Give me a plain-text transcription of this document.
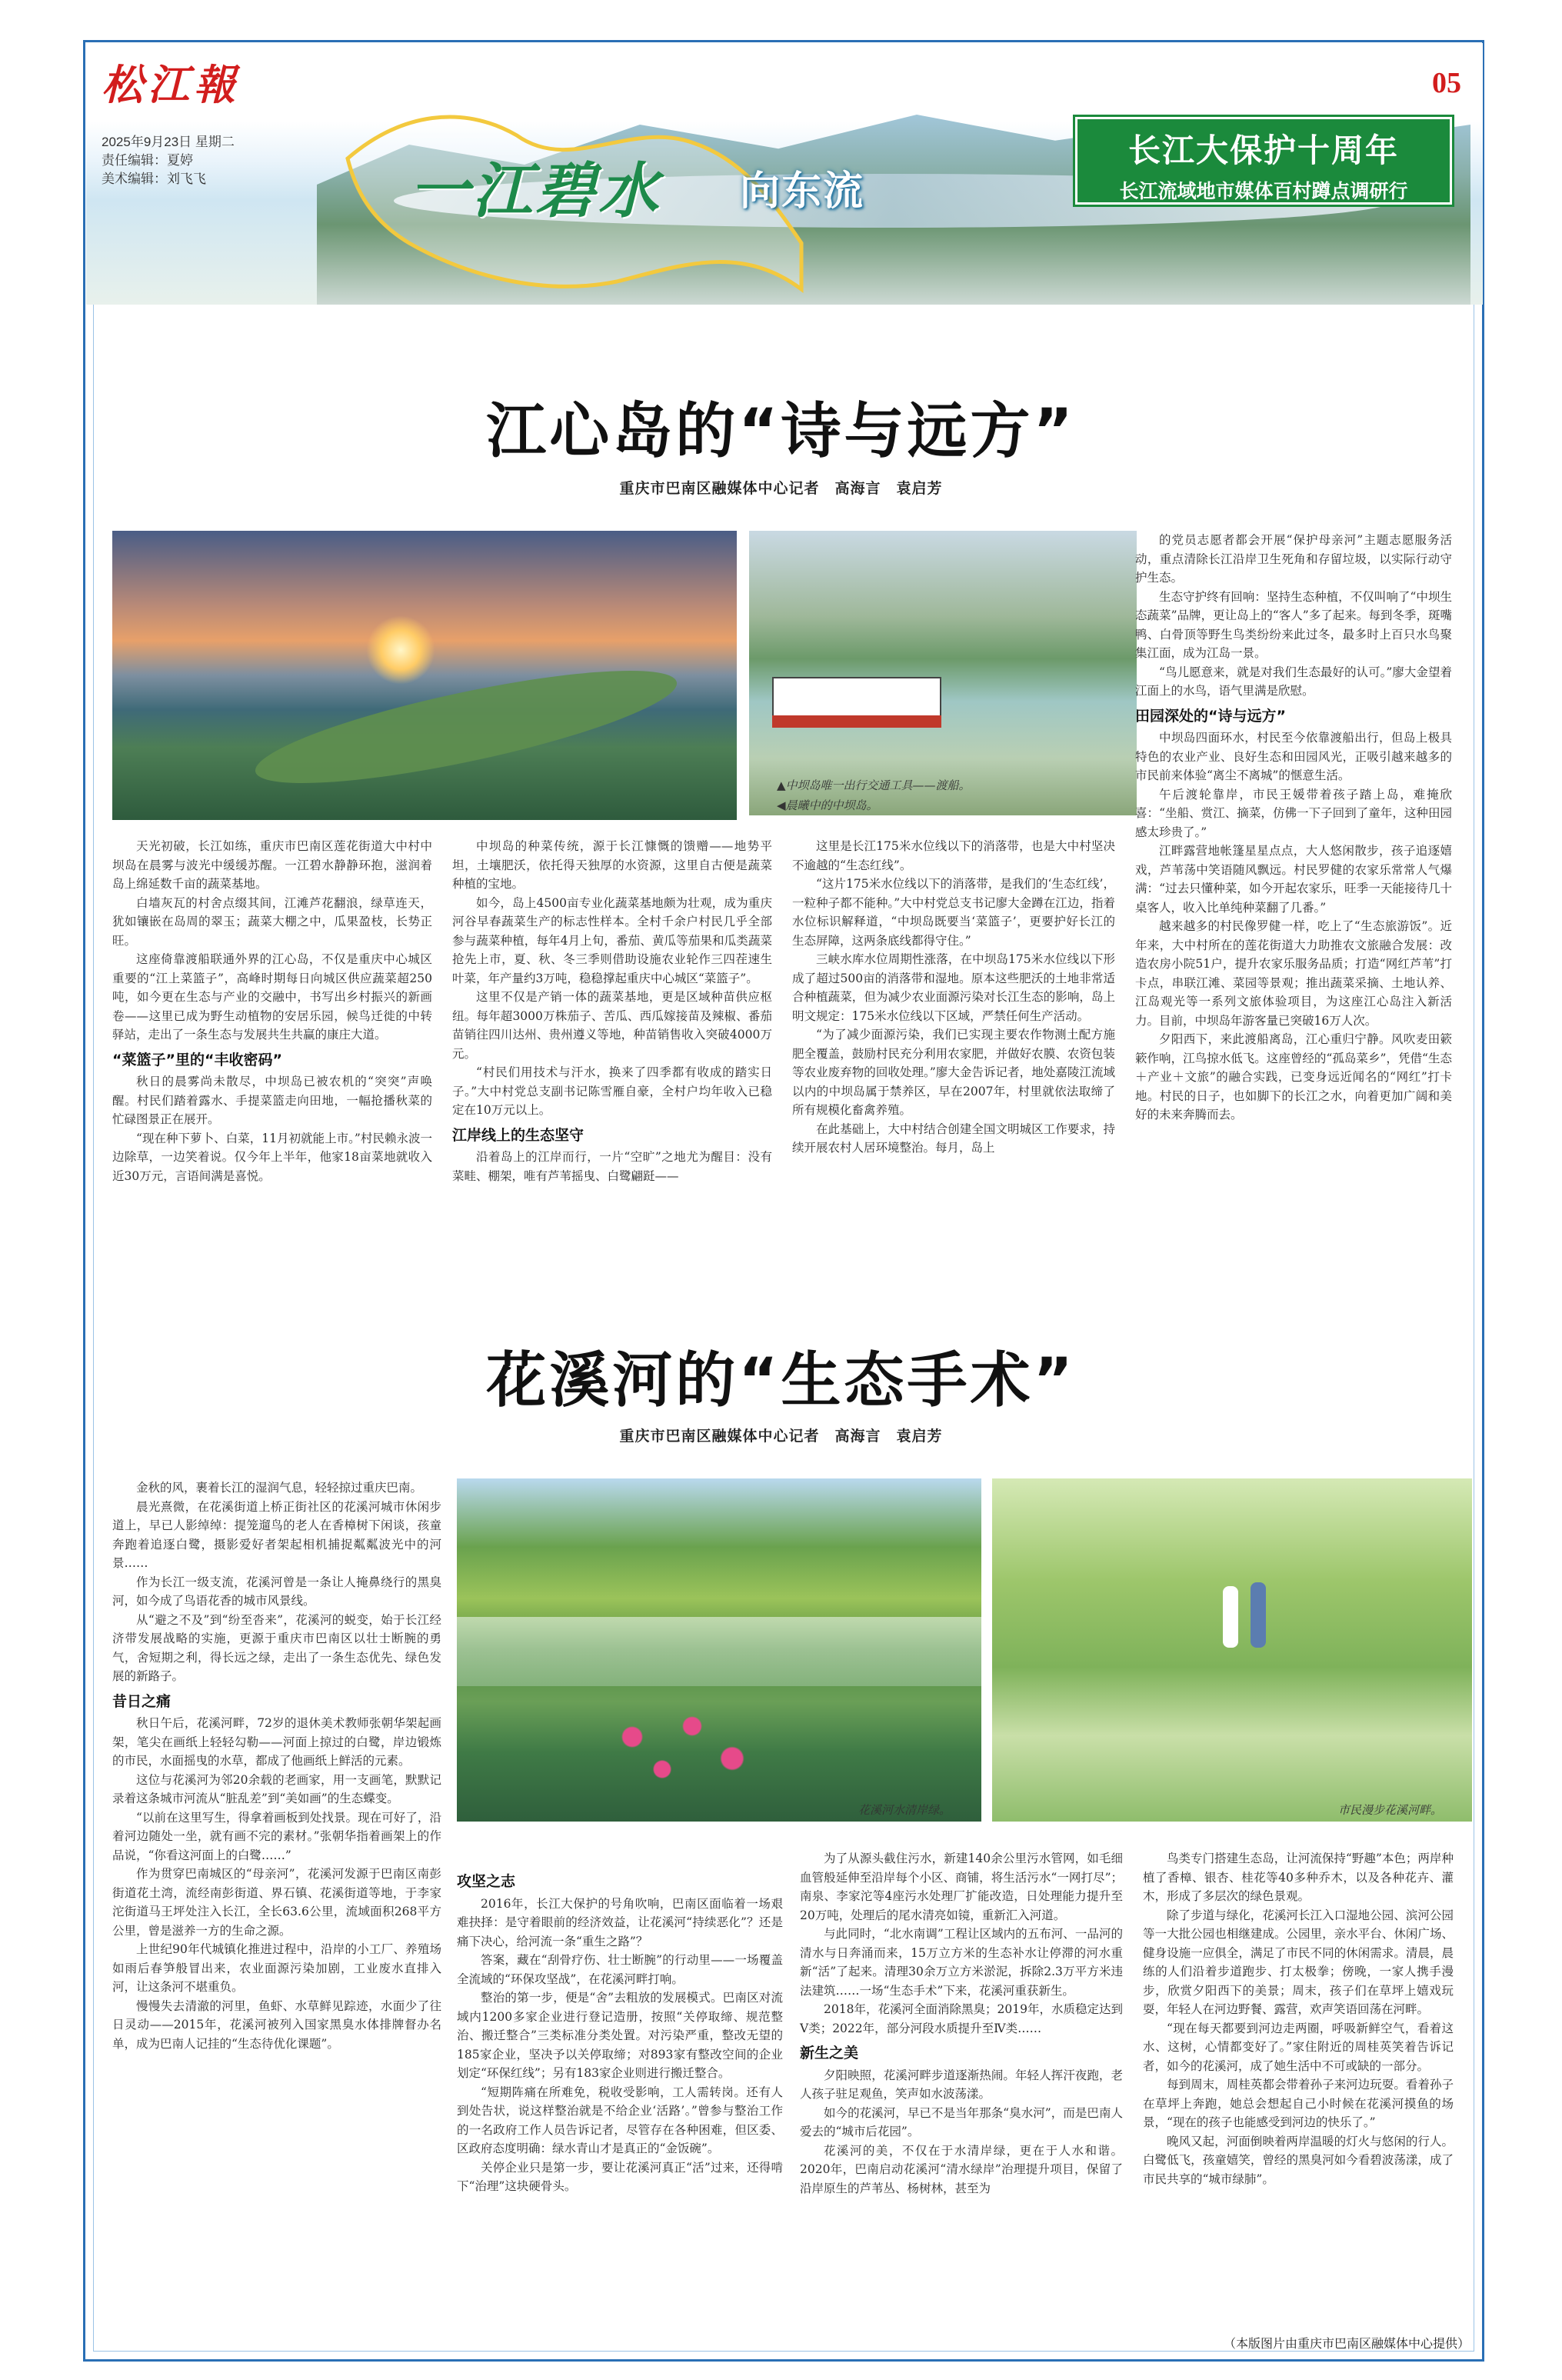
松江報
2025年9月23日 星期二
责任编辑：夏婷
美术编辑：刘飞飞	一江碧水 向东流
05
长江大保护十周年
长江流域地市媒体百村蹲点调研行
江心岛的“诗与远方”
重庆市巴南区融媒体中心记者　高海言　袁启芳
▲中坝岛唯一出行交通工具——渡船。
◀晨曦中的中坝岛。

天光初破，长江如练，重庆市巴南区莲花街道大中村中坝岛在晨雾与波光中缓缓苏醒。一江碧水静静环抱，滋润着岛上绵延数千亩的蔬菜基地。

白墙灰瓦的村舍点缀其间，江滩芦花翻浪，绿草连天，犹如镶嵌在岛周的翠玉；蔬菜大棚之中，瓜果盈枝，长势正旺。

这座倚靠渡船联通外界的江心岛，不仅是重庆中心城区重要的“江上菜篮子”，高峰时期每日向城区供应蔬菜超250吨，如今更在生态与产业的交融中，书写出乡村振兴的新画卷——这里已成为野生动植物的安居乐园，候鸟迁徙的中转驿站，走出了一条生态与发展共生共赢的康庄大道。

“菜篮子”里的“丰收密码”

秋日的晨雾尚未散尽，中坝岛已被农机的“突突”声唤醒。村民们踏着露水、手提菜篮走向田地，一幅抢播秋菜的忙碌图景正在展开。

“现在种下萝卜、白菜，11月初就能上市。”村民赖永波一边除草，一边笑着说。仅今年上半年，他家18亩菜地就收入近30万元，言语间满是喜悦。

中坝岛的种菜传统，源于长江慷慨的馈赠——地势平坦，土壤肥沃，依托得天独厚的水资源，这里自古便是蔬菜种植的宝地。

如今，岛上4500亩专业化蔬菜基地颇为壮观，成为重庆河谷早春蔬菜生产的标志性样本。全村千余户村民几乎全部参与蔬菜种植，每年4月上旬，番茄、黄瓜等茄果和瓜类蔬菜抢先上市，夏、秋、冬三季则借助设施农业轮作三四茬速生叶菜，年产量约3万吨，稳稳撑起重庆中心城区“菜篮子”。

这里不仅是产销一体的蔬菜基地，更是区域种苗供应枢纽。每年超3000万株茄子、苦瓜、西瓜嫁接苗及辣椒、番茄苗销往四川达州、贵州遵义等地，种苗销售收入突破4000万元。

“村民们用技术与汗水，换来了四季都有收成的踏实日子。”大中村党总支副书记陈雪雁自豪，全村户均年收入已稳定在10万元以上。

江岸线上的生态坚守

沿着岛上的江岸而行，一片“空旷”之地尤为醒目：没有菜畦、棚架，唯有芦苇摇曳、白鹭翩跹——

这里是长江175米水位线以下的消落带，也是大中村坚决不逾越的“生态红线”。

“这片175米水位线以下的消落带，是我们的‘生态红线’，一粒种子都不能种。”大中村党总支书记廖大金蹲在江边，指着水位标识解释道，“中坝岛既要当‘菜篮子’，更要护好长江的生态屏障，这两条底线都得守住。”

三峡水库水位周期性涨落，在中坝岛175米水位线以下形成了超过500亩的消落带和湿地。原本这些肥沃的土地非常适合种植蔬菜，但为减少农业面源污染对长江生态的影响，岛上明文规定：175米水位线以下区域，严禁任何生产活动。

“为了减少面源污染，我们已实现主要农作物测土配方施肥全覆盖，鼓励村民充分利用农家肥，并做好农膜、农资包装等农业废弃物的回收处理。”廖大金告诉记者，地处嘉陵江流域以内的中坝岛属于禁养区，早在2007年，村里就依法取缔了所有规模化畜禽养殖。

在此基础上，大中村结合创建全国文明城区工作要求，持续开展农村人居环境整治。每月，岛上

的党员志愿者都会开展“保护母亲河”主题志愿服务活动，重点清除长江沿岸卫生死角和存留垃圾，以实际行动守护生态。

生态守护终有回响：坚持生态种植，不仅叫响了“中坝生态蔬菜”品牌，更让岛上的“客人”多了起来。每到冬季，斑嘴鸭、白骨顶等野生鸟类纷纷来此过冬，最多时上百只水鸟聚集江面，成为江岛一景。

“鸟儿愿意来，就是对我们生态最好的认可。”廖大金望着江面上的水鸟，语气里满是欣慰。

田园深处的“诗与远方”

中坝岛四面环水，村民至今依靠渡船出行，但岛上极具特色的农业产业、良好生态和田园风光，正吸引越来越多的市民前来体验“离尘不离城”的惬意生活。

午后渡轮靠岸，市民王媛带着孩子踏上岛，难掩欣喜：“坐船、赏江、摘菜，仿佛一下子回到了童年，这种田园感太珍贵了。”

江畔露营地帐篷星星点点，大人悠闲散步，孩子追逐嬉戏，芦苇荡中笑语随风飘远。村民罗健的农家乐常常人气爆满：“过去只懂种菜，如今开起农家乐，旺季一天能接待几十桌客人，收入比单纯种菜翻了几番。”

越来越多的村民像罗健一样，吃上了“生态旅游饭”。近年来，大中村所在的莲花街道大力助推农文旅融合发展：改造农房小院51户，提升农家乐服务品质；打造“网红芦苇”打卡点，串联江滩、菜园等景观；推出蔬菜采摘、土地认养、江岛观光等一系列文旅体验项目，为这座江心岛注入新活力。目前，中坝岛年游客量已突破16万人次。

夕阳西下，来此渡船离岛，江心重归宁静。风吹麦田簌簌作响，江鸟掠水低飞。这座曾经的“孤岛菜乡”，凭借“生态＋产业＋文旅”的融合实践，已变身远近闻名的“网红”打卡地。村民的日子，也如脚下的长江之水，向着更加广阔和美好的未来奔腾而去。

花溪河的“生态手术”
重庆市巴南区融媒体中心记者　高海言　袁启芳
花溪河水清岸绿。	市民漫步花溪河畔。

金秋的风，裹着长江的湿润气息，轻轻掠过重庆巴南。

晨光熹微，在花溪街道上桥正街社区的花溪河城市休闲步道上，早已人影绰绰：提笼遛鸟的老人在香樟树下闲谈，孩童奔跑着追逐白鹭，摄影爱好者架起相机捕捉粼粼波光中的河景……

作为长江一级支流，花溪河曾是一条让人掩鼻绕行的黑臭河，如今成了鸟语花香的城市风景线。

从“避之不及”到“纷至沓来”，花溪河的蜕变，始于长江经济带发展战略的实施，更源于重庆市巴南区以壮士断腕的勇气，舍短期之利，得长远之绿，走出了一条生态优先、绿色发展的新路子。

昔日之痛

秋日午后，花溪河畔，72岁的退休美术教师张朝华架起画架，笔尖在画纸上轻轻勾勒——河面上掠过的白鹭，岸边锻炼的市民，水面摇曳的水草，都成了他画纸上鲜活的元素。

这位与花溪河为邻20余载的老画家，用一支画笔，默默记录着这条城市河流从“脏乱差”到“美如画”的生态蝶变。

“以前在这里写生，得拿着画板到处找景。现在可好了，沿着河边随处一坐，就有画不完的素材。”张朝华指着画架上的作品说，“你看这河面上的白鹭……”

作为贯穿巴南城区的“母亲河”，花溪河发源于巴南区南彭街道花土湾，流经南彭街道、界石镇、花溪街道等地，于李家沱街道马王坪处注入长江，全长63.6公里，流域面积268平方公里，曾是滋养一方的生命之源。

上世纪90年代城镇化推进过程中，沿岸的小工厂、养殖场如雨后春笋般冒出来，农业面源污染加剧，工业废水直排入河，让这条河不堪重负。

慢慢失去清澈的河里，鱼虾、水草鲜见踪迹，水面少了往日灵动——2015年，花溪河被列入国家黑臭水体排牌督办名单，成为巴南人记挂的“生态待优化课题”。

攻坚之志

2016年，长江大保护的号角吹响，巴南区面临着一场艰难抉择：是守着眼前的经济效益，让花溪河“持续恶化”？还是痛下决心，给河流一条“重生之路”？

答案，藏在“刮骨疗伤、壮士断腕”的行动里——一场覆盖全流域的“环保攻坚战”，在花溪河畔打响。

整治的第一步，便是“舍”去粗放的发展模式。巴南区对流域内1200多家企业进行登记造册，按照“关停取缔、规范整治、搬迁整合”三类标准分类处置。对污染严重，整改无望的185家企业，坚决予以关停取缔；对893家有整改空间的企业划定“环保红线”；另有183家企业则进行搬迁整合。

“短期阵痛在所难免，税收受影响，工人需转岗。还有人到处告状，说这样整治就是不给企业‘活路’。”曾参与整治工作的一名政府工作人员告诉记者，尽管存在各种困难，但区委、区政府态度明确：绿水青山才是真正的“金饭碗”。

关停企业只是第一步，要让花溪河真正“活”过来，还得啃下“治理”这块硬骨头。

为了从源头截住污水，新建140余公里污水管网，如毛细血管般延伸至沿岸每个小区、商铺，将生活污水“一网打尽”；南泉、李家沱等4座污水处理厂扩能改造，日处理能力提升至20万吨，处理后的尾水清亮如镜，重新汇入河道。

与此同时，“北水南调”工程让区域内的五布河、一品河的清水与日奔涌而来，15万立方米的生态补水让停滞的河水重新“活”了起来。清理30余万立方米淤泥，拆除2.3万平方米违法建筑……一场“生态手术”下来，花溪河重获新生。

2018年，花溪河全面消除黑臭；2019年，水质稳定达到Ⅴ类；2022年，部分河段水质提升至Ⅳ类……

新生之美

夕阳映照，花溪河畔步道逐渐热闹。年轻人挥汗夜跑，老人孩子驻足观鱼，笑声如水波荡漾。

如今的花溪河，早已不是当年那条“臭水河”，而是巴南人爱去的“城市后花园”。

花溪河的美，不仅在于水清岸绿，更在于人水和谐。2020年，巴南启动花溪河“清水绿岸”治理提升项目，保留了沿岸原生的芦苇丛、杨树林，甚至为

鸟类专门搭建生态岛，让河流保持“野趣”本色；两岸种植了香樟、银杏、桂花等40多种乔木，以及各种花卉、灌木，形成了多层次的绿色景观。

除了步道与绿化，花溪河长江入口湿地公园、滨河公园等一大批公园也相继建成。公园里，亲水平台、休闲广场、健身设施一应俱全，满足了市民不同的休闲需求。清晨，晨练的人们沿着步道跑步、打太极拳；傍晚，一家人携手漫步，欣赏夕阳西下的美景；周末，孩子们在草坪上嬉戏玩耍，年轻人在河边野餐、露营，欢声笑语回荡在河畔。

“现在每天都要到河边走两圈，呼吸新鲜空气，看着这水、这树，心情都变好了。”家住附近的周桂英笑着告诉记者，如今的花溪河，成了她生活中不可或缺的一部分。

每到周末，周桂英都会带着孙子来河边玩耍。看着孙子在草坪上奔跑，她总会想起自己小时候在花溪河摸鱼的场景，“现在的孩子也能感受到河边的快乐了。”

晚风又起，河面倒映着两岸温暖的灯火与悠闲的行人。白鹭低飞，孩童嬉笑，曾经的黑臭河如今看碧波荡漾，成了市民共享的“城市绿肺”。

（本版图片由重庆市巴南区融媒体中心提供）
